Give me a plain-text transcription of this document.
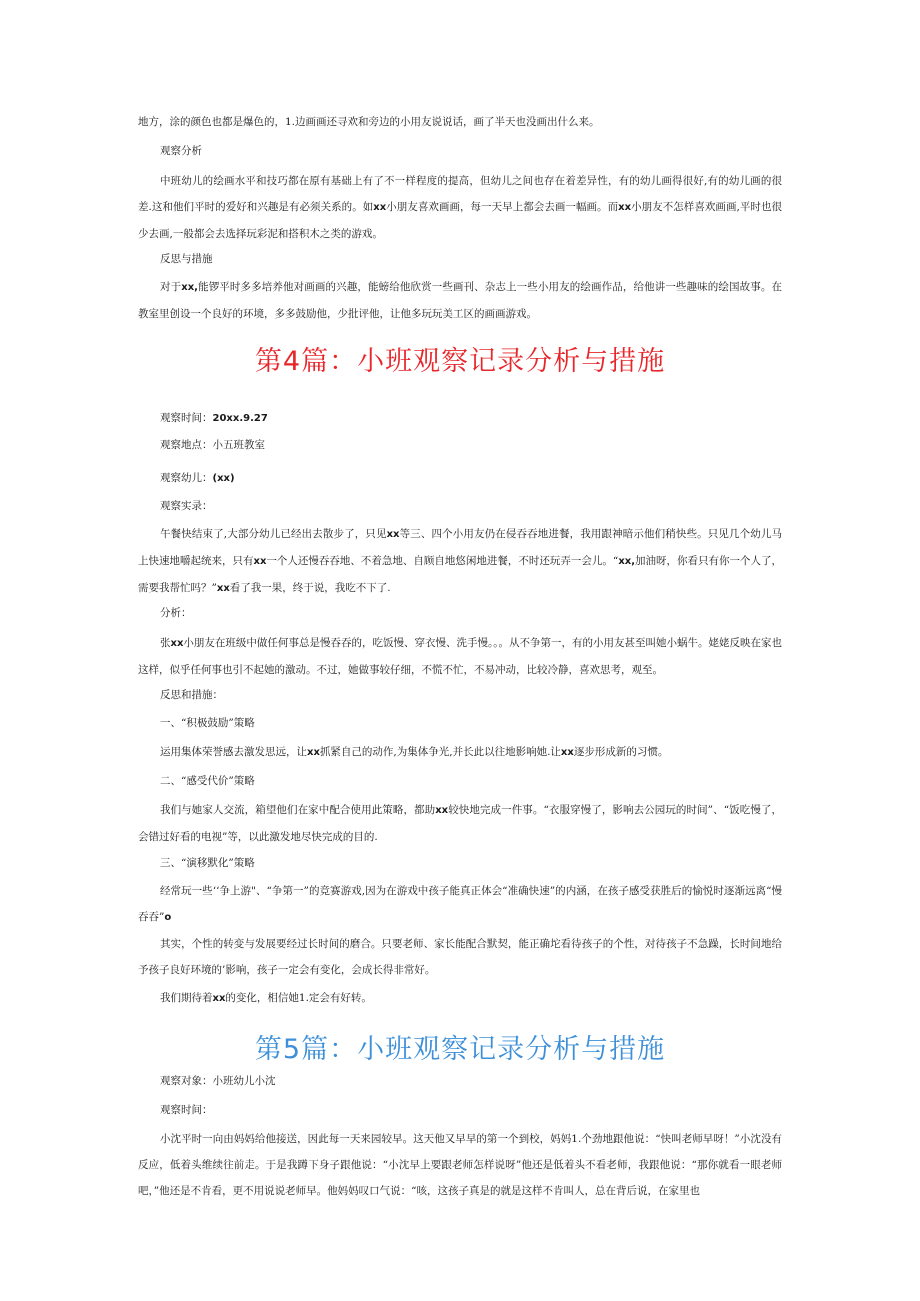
地方，涂的颜色也都是爆色的，1.边画画还寻欢和旁边的小用友说说话，画了半天也没画出什么来。

观察分析

中班幼儿的绘画水平和技巧都在原有基础上有了不一样程度的提高，但幼儿之间也存在着差异性，有的幼儿画得很好,有的幼儿画的很差.这和他们平时的爱好和兴趣是有必须关系的。如xx小朋友喜欢画画，每一天早上都会去画一幅画。而xx小朋友不怎样喜欢画画,平时也很少去画,一般都会去选择玩彩泥和搭积木之类的游戏。

反思与措施

对于xx,能锣平时多多培养他对画画的兴趣，能螃给他欣赏一些画刊、杂志上一些小用友的绘画作品，给他讲一些趣味的绘国故事。在教室里创设一个良好的环境，多多鼓励他，少批评他，让他多玩玩美工区的画画游戏。

第4篇：小班观察记录分析与措施

观察时间：20xx.9.27

观察地点：小五班教室

观察幼儿：(xx)

观察实录：

午餐快结束了,大部分幼儿已经出去散步了，只见xx等三、四个小用友仍在侵吞吞地进餐，我用跟神暗示他们稍快些。只见几个幼儿马上快速地嚼起统来，只有xx一个人还慢吞吞地、不着急地、自顾自地悠闲地进餐，不时还玩弄一会儿。“xx,加油呀，你看只有你一个人了，需要我帮忙吗？”xx看了我一果，终于说，我吃不下了.

分析：

张xx小朋友在班级中做任何事总是慢吞吞的，吃饭慢、穿衣慢、洗手慢。。。从不争第一，有的小用友甚至叫她小蜗牛。姥姥反映在家也这样，似乎任何事也引不起她的激动。不过，她做事较仔细，不慌不忙，不易冲动，比较冷静，喜欢思考，观至。

反思和措施：

一、“积极鼓励”策略

运用集体荣誉感去激发思远，让xx抓紧自己的动作,为集体争光,并长此以往地影响她.让xx逐步形成新的习惯。

二、“感受代价”策略

我们与她家人交流，箱望他们在家中配合使用此策略，都助xx较快地完成一件事。“衣服穿慢了，影响去公园玩的时间”、“饭吃慢了，会错过好看的电视”等，以此激发地尽快完成的目的.

三、“演移默化”策略

经常玩一些‘‘争上游"、“争第一”的竞赛游戏,因为在游戏中孩子能真正体会“准确快速”的内涵，在孩子感受获胜后的愉悦时逐渐远离“慢吞吞”o

其实，个性的转变与发展要经过长时间的磨合。只要老师、家长能配合默契，能正确坨看待孩子的个性，对待孩子不急躁，长时间地给予孩子良好环境的’影响，孩子一定会有变化，会成长得非常好。

我们期待着xx的变化，相信她1.定会有好转。

第5篇：小班观察记录分析与措施

观察对象：小班幼儿小沈

观察时间：

小沈平时一向由妈妈给他接送，因此每一天来园较早。这天他又早早的第一个到校，妈妈1.个劲地跟他说：“快叫老师早呀！”小沈没有反应，低着头维续往前走。于是我蹲下身子跟他说：“小沈早上要跟老师怎样说呀”他还是低着头不看老师，我跟他说：“那你就看一眼老师吧，”他还是不肯看，更不用说说老师早。他妈妈叹口气说：“咳，这孩子真是的就是这样不肯叫人，总在背后说，在家里也
